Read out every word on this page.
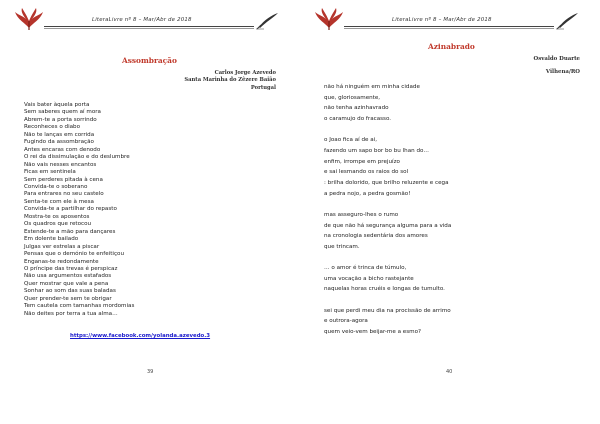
LiteraLivre nº 8 – Mar/Abr de 2018
Assombração
Carlos Jorge Azevedo
Santa Marinha do Zêzere Baião
Portugal
Vais bater àquela porta
Sem saberes quem aí mora
Abrem-te a porta sorrindo
Reconheces o diabo
Não te lanças em corrida
Fugindo da assombração
Antes encaras com denodo
O rei da dissimulação e do deslumbre
Não vais nesses encantos
Ficas em sentinela
Sem perderes pitada à cena
Convida-te o soberano
Para entrares no seu castelo
Senta-te com ele à mesa
Convida-te a partilhar do repasto
Mostra-te os aposentos
Os quadros que retocou
Estende-te a mão para dançares
Em dolente bailado
Julgas ver estrelas a piscar
Pensas que o demónio te enfeitiçou
Enganas-te redondamente
O príncipe das trevas é perspicaz
Não usa argumentos estafados
Quer mostrar que vale a pena
Sonhar ao som das suas baladas
Quer prender-te sem te obrigar
Tem cautela com tamanhas mordomias
Não deites por terra a tua alma…
https://www.facebook.com/yolanda.azevedo.3
39
LiteraLivre nº 8 – Mar/Abr de 2018
Azinabrado
Osvaldo Duarte
Vilhena/RO
não há ninguém em minha cidade
que, gloriosamente,
não tenha azinhavrado
o caramujo do fracasso.
o Joao fica aí de ai,
fazendo um sapo bor bo bu lhan do…
enfim, irrompe em prejuízo
e sai lesmando os raios do sol
: brilha dolorido, que brilho reluzente e cega
a pedra nojo, a pedra gosmão!
mas asseguro-lhes o rumo
de que não há segurança alguma para a vida
na cronologia sedentária dos amores
que trincam.
… o amor é trinca de túmulo,
uma vocação a bicho rastejante
naquelas horas cruéis e longas de tumulto.
sei que perdi meu dia na procissão de arrimo
e outrora-agora
quem veio-vem beijar-me a esmo?
40
